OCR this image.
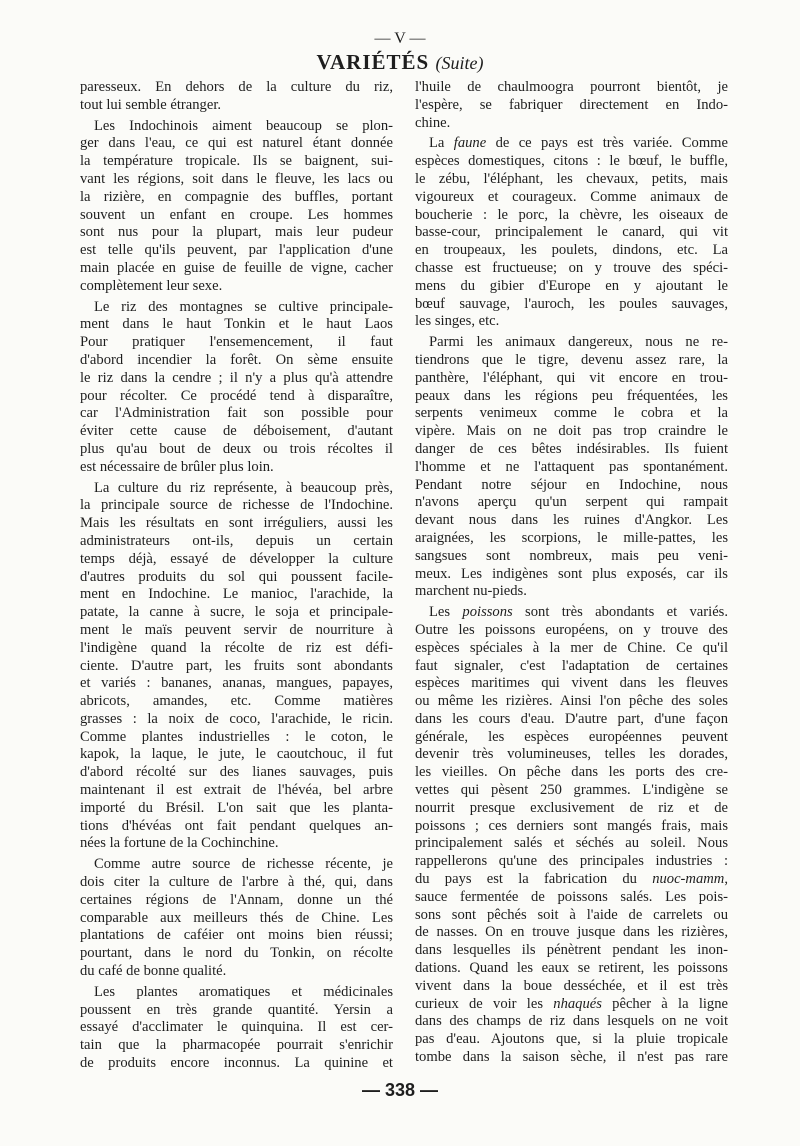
— V —
VARIÉTÉS (Suite)
paresseux. En dehors de la culture du riz,
tout lui semble étranger.
Les Indochinois aiment beaucoup se plon-
ger dans l'eau, ce qui est naturel étant donnée
la température tropicale. Ils se baignent, sui-
vant les régions, soit dans le fleuve, les lacs ou
la rizière, en compagnie des buffles, portant
souvent un enfant en croupe. Les hommes
sont nus pour la plupart, mais leur pudeur
est telle qu'ils peuvent, par l'application d'une
main placée en guise de feuille de vigne, cacher
complètement leur sexe.
Le riz des montagnes se cultive principale-
ment dans le haut Tonkin et le haut Laos
Pour pratiquer l'ensemencement, il faut
d'abord incendier la forêt. On sème ensuite
le riz dans la cendre ; il n'y a plus qu'à attendre
pour récolter. Ce procédé tend à disparaître,
car l'Administration fait son possible pour
éviter cette cause de déboisement, d'autant
plus qu'au bout de deux ou trois récoltes il
est nécessaire de brûler plus loin.
La culture du riz représente, à beaucoup près,
la principale source de richesse de l'Indochine.
Mais les résultats en sont irréguliers, aussi les
administrateurs ont-ils, depuis un certain
temps déjà, essayé de développer la culture
d'autres produits du sol qui poussent facile-
ment en Indochine. Le manioc, l'arachide, la
patate, la canne à sucre, le soja et principale-
ment le maïs peuvent servir de nourriture à
l'indigène quand la récolte de riz est défi-
ciente. D'autre part, les fruits sont abondants
et variés : bananes, ananas, mangues, papayes,
abricots, amandes, etc. Comme matières
grasses : la noix de coco, l'arachide, le ricin.
Comme plantes industrielles : le coton, le
kapok, la laque, le jute, le caoutchouc, il fut
d'abord récolté sur des lianes sauvages, puis
maintenant il est extrait de l'hévéa, bel arbre
importé du Brésil. L'on sait que les planta-
tions d'hévéas ont fait pendant quelques an-
nées la fortune de la Cochinchine.
Comme autre source de richesse récente, je
dois citer la culture de l'arbre à thé, qui, dans
certaines régions de l'Annam, donne un thé
comparable aux meilleurs thés de Chine. Les
plantations de caféier ont moins bien réussi;
pourtant, dans le nord du Tonkin, on récolte
du café de bonne qualité.
Les plantes aromatiques et médicinales
poussent en très grande quantité. Yersin a
essayé d'acclimater le quinquina. Il est cer-
tain que la pharmacopée pourrait s'enrichir
de produits encore inconnus. La quinine et
l'huile de chaulmoogra pourront bientôt, je
l'espère, se fabriquer directement en Indo-
chine.
La faune de ce pays est très variée. Comme
espèces domestiques, citons : le bœuf, le buffle,
le zébu, l'éléphant, les chevaux, petits, mais
vigoureux et courageux. Comme animaux de
boucherie : le porc, la chèvre, les oiseaux de
basse-cour, principalement le canard, qui vit
en troupeaux, les poulets, dindons, etc. La
chasse est fructueuse; on y trouve des spéci-
mens du gibier d'Europe en y ajoutant le
bœuf sauvage, l'auroch, les poules sauvages,
les singes, etc.
Parmi les animaux dangereux, nous ne re-
tiendrons que le tigre, devenu assez rare, la
panthère, l'éléphant, qui vit encore en trou-
peaux dans les régions peu fréquentées, les
serpents venimeux comme le cobra et la
vipère. Mais on ne doit pas trop craindre le
danger de ces bêtes indésirables. Ils fuient
l'homme et ne l'attaquent pas spontanément.
Pendant notre séjour en Indochine, nous
n'avons aperçu qu'un serpent qui rampait
devant nous dans les ruines d'Angkor. Les
araignées, les scorpions, le mille-pattes, les
sangsues sont nombreux, mais peu veni-
meux. Les indigènes sont plus exposés, car ils
marchent nu-pieds.
Les poissons sont très abondants et variés.
Outre les poissons européens, on y trouve des
espèces spéciales à la mer de Chine. Ce qu'il
faut signaler, c'est l'adaptation de certaines
espèces maritimes qui vivent dans les fleuves
ou même les rizières. Ainsi l'on pêche des soles
dans les cours d'eau. D'autre part, d'une façon
générale, les espèces européennes peuvent
devenir très volumineuses, telles les dorades,
les vieilles. On pêche dans les ports des cre-
vettes qui pèsent 250 grammes. L'indigène se
nourrit presque exclusivement de riz et de
poissons ; ces derniers sont mangés frais, mais
principalement salés et séchés au soleil. Nous
rappellerons qu'une des principales industries :
du pays est la fabrication du nuoc-mamm,
sauce fermentée de poissons salés. Les pois-
sons sont pêchés soit à l'aide de carrelets ou
de nasses. On en trouve jusque dans les rizières,
dans lesquelles ils pénètrent pendant les inon-
dations. Quand les eaux se retirent, les poissons
vivent dans la boue desséchée, et il est très
curieux de voir les nhaqués pêcher à la ligne
dans des champs de riz dans lesquels on ne voit
pas d'eau. Ajoutons que, si la pluie tropicale
tombe dans la saison sèche, il n'est pas rare
— 338 —
